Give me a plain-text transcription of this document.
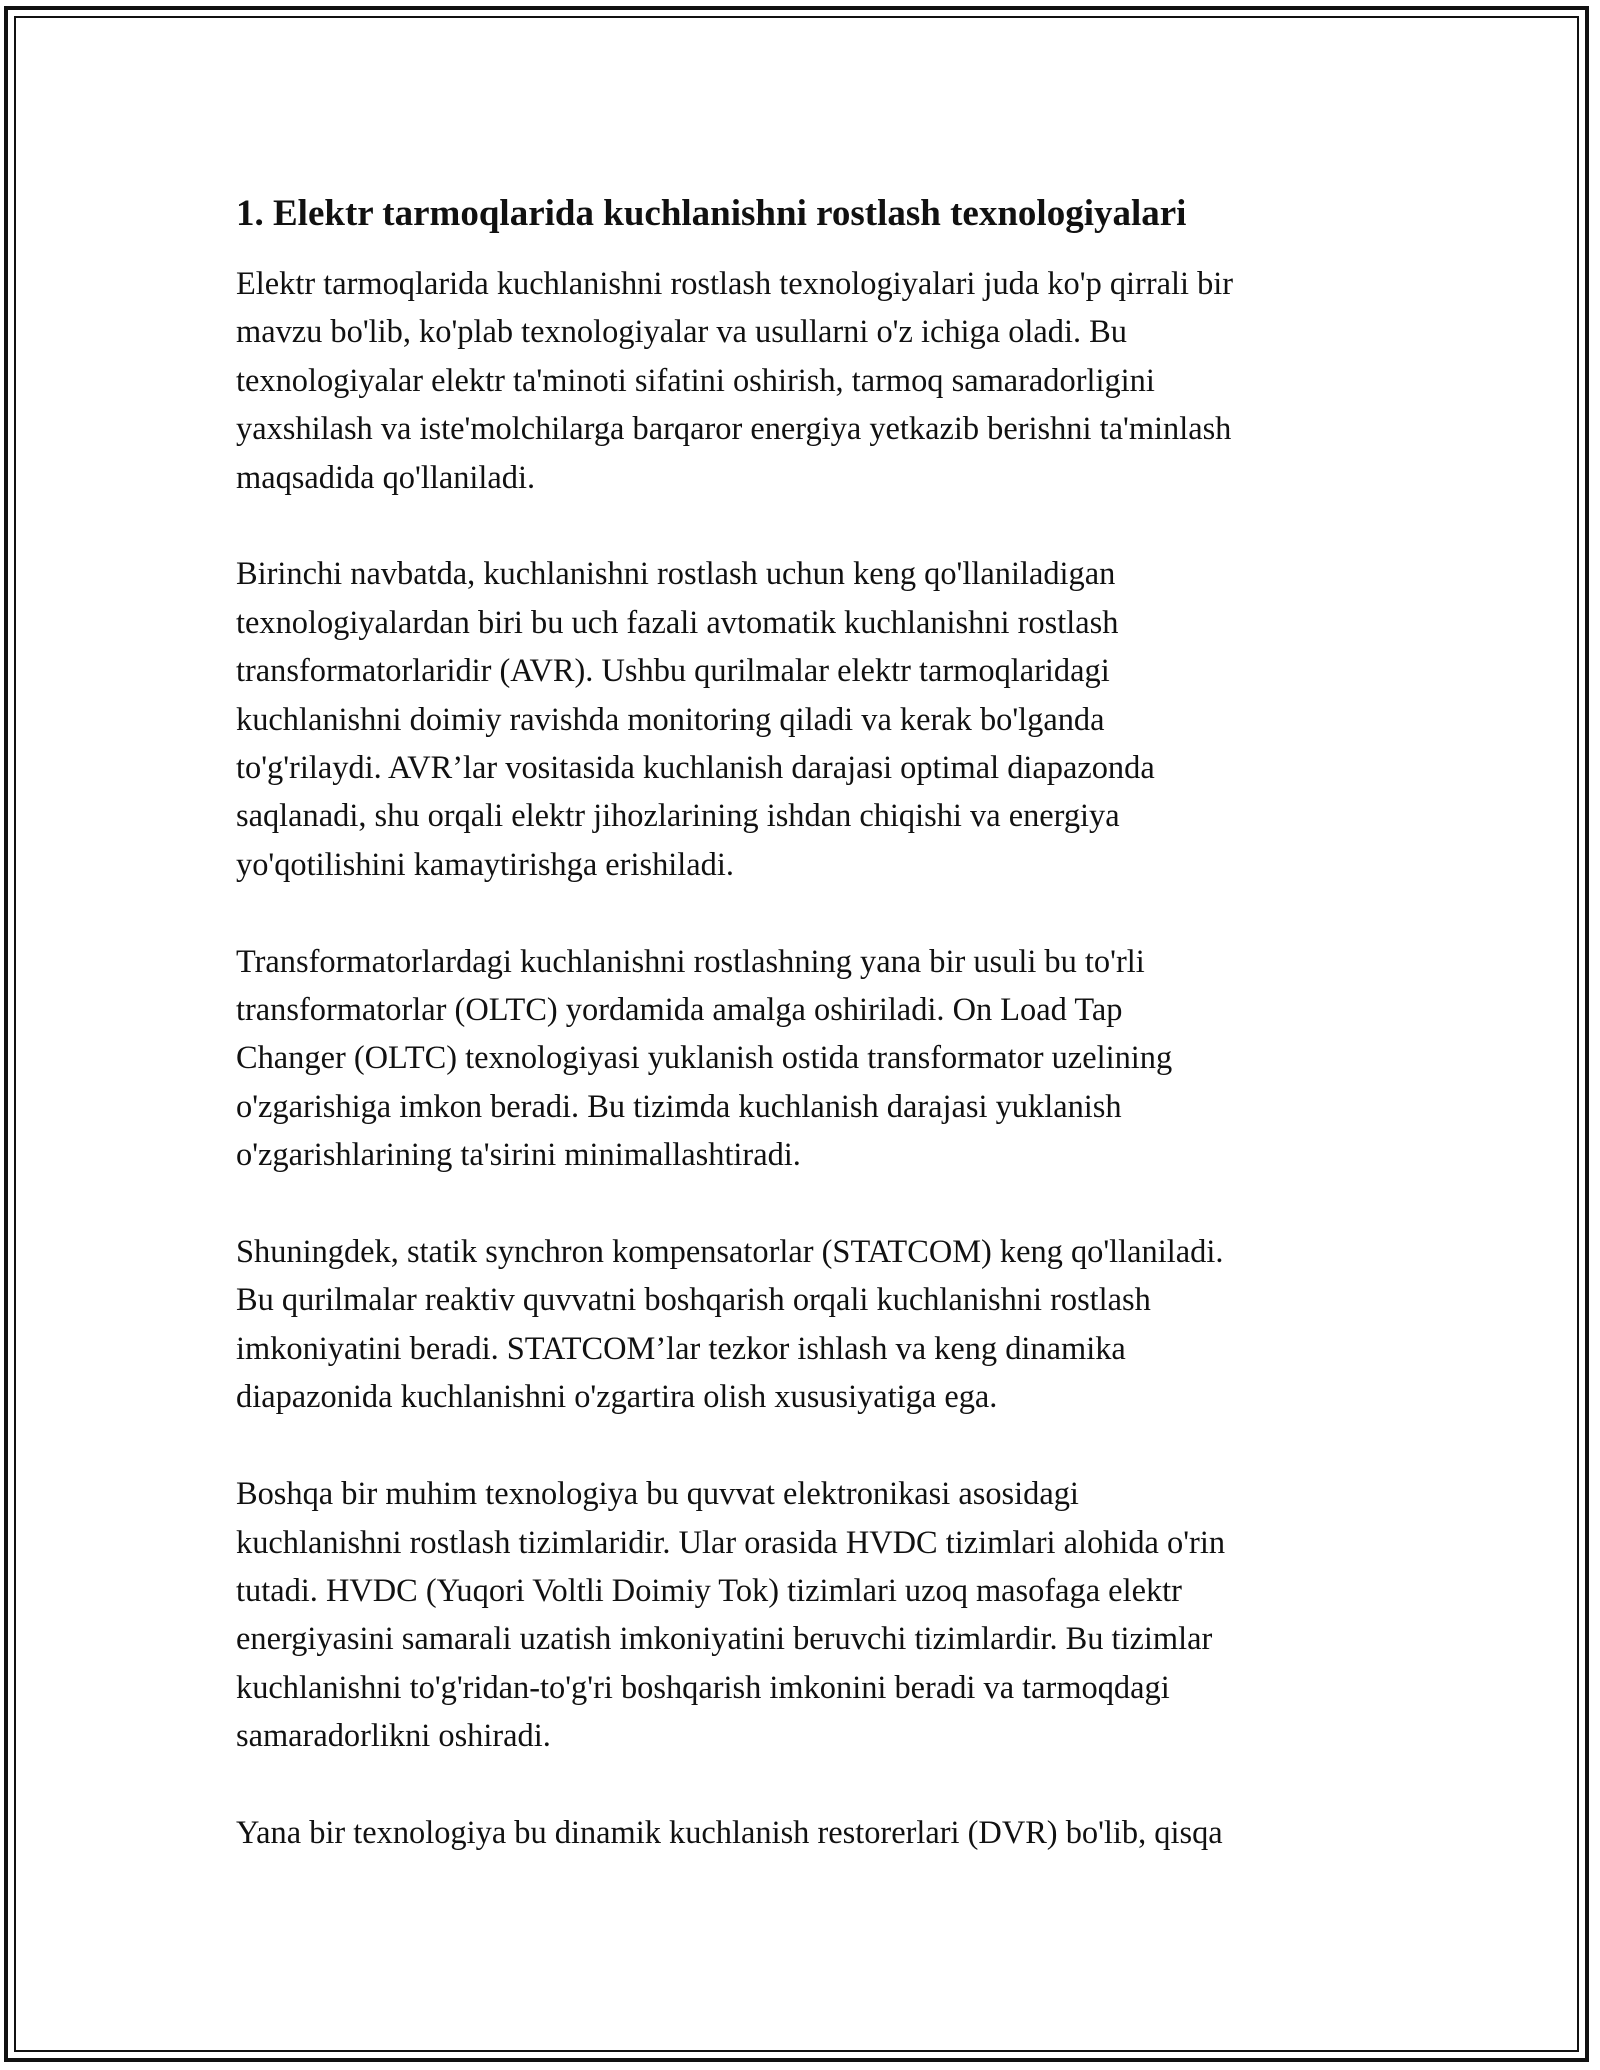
1. Elektr tarmoqlarida kuchlanishni rostlash texnologiyalari

Elektr tarmoqlarida kuchlanishni rostlash texnologiyalari juda ko'p qirrali bir
mavzu bo'lib, ko'plab texnologiyalar va usullarni o'z ichiga oladi. Bu
texnologiyalar elektr ta'minoti sifatini oshirish, tarmoq samaradorligini
yaxshilash va iste'molchilarga barqaror energiya yetkazib berishni ta'minlash
maqsadida qo'llaniladi.

Birinchi navbatda, kuchlanishni rostlash uchun keng qo'llaniladigan
texnologiyalardan biri bu uch fazali avtomatik kuchlanishni rostlash
transformatorlaridir (AVR). Ushbu qurilmalar elektr tarmoqlaridagi
kuchlanishni doimiy ravishda monitoring qiladi va kerak bo'lganda
to'g'rilaydi. AVR’lar vositasida kuchlanish darajasi optimal diapazonda
saqlanadi, shu orqali elektr jihozlarining ishdan chiqishi va energiya
yo'qotilishini kamaytirishga erishiladi.

Transformatorlardagi kuchlanishni rostlashning yana bir usuli bu to'rli
transformatorlar (OLTC) yordamida amalga oshiriladi. On Load Tap
Changer (OLTC) texnologiyasi yuklanish ostida transformator uzelining
o'zgarishiga imkon beradi. Bu tizimda kuchlanish darajasi yuklanish
o'zgarishlarining ta'sirini minimallashtiradi.

Shuningdek, statik synchron kompensatorlar (STATCOM) keng qo'llaniladi.
Bu qurilmalar reaktiv quvvatni boshqarish orqali kuchlanishni rostlash
imkoniyatini beradi. STATCOM’lar tezkor ishlash va keng dinamika
diapazonida kuchlanishni o'zgartira olish xususiyatiga ega.

Boshqa bir muhim texnologiya bu quvvat elektronikasi asosidagi
kuchlanishni rostlash tizimlaridir. Ular orasida HVDC tizimlari alohida o'rin
tutadi. HVDC (Yuqori Voltli Doimiy Tok) tizimlari uzoq masofaga elektr
energiyasini samarali uzatish imkoniyatini beruvchi tizimlardir. Bu tizimlar
kuchlanishni to'g'ridan-to'g'ri boshqarish imkonini beradi va tarmoqdagi
samaradorlikni oshiradi.

Yana bir texnologiya bu dinamik kuchlanish restorerlari (DVR) bo'lib, qisqa
